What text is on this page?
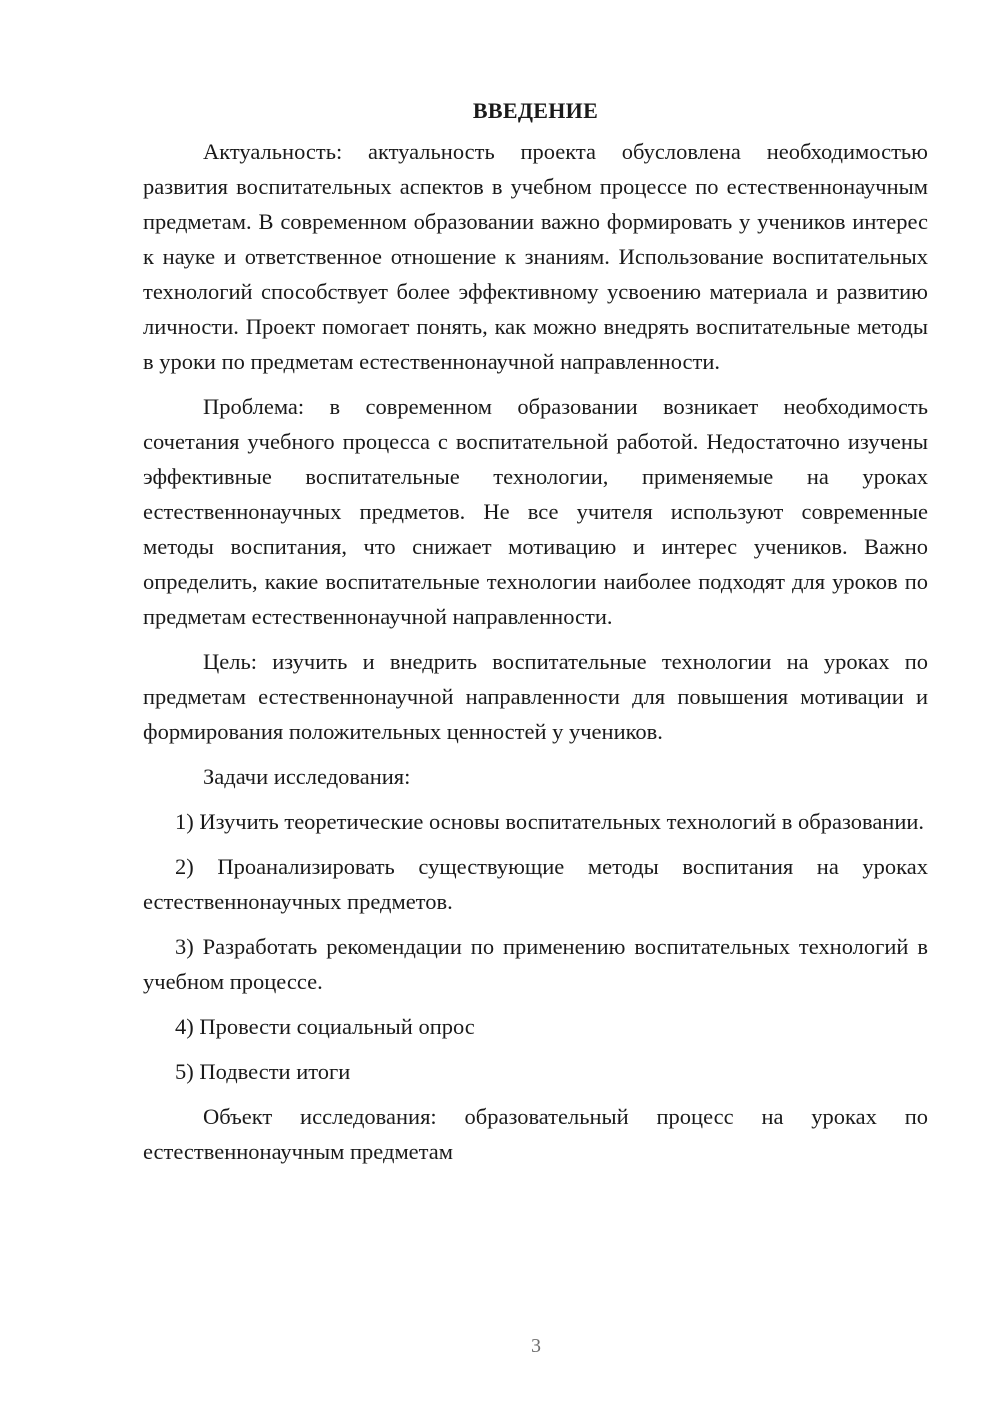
ВВЕДЕНИЕ

Актуальность: актуальность проекта обусловлена необходимостью развития воспитательных аспектов в учебном процессе по естественнонаучным предметам. В современном образовании важно формировать у учеников интерес к науке и ответственное отношение к знаниям. Использование воспитательных технологий способствует более эффективному усвоению материала и развитию личности. Проект помогает понять, как можно внедрять воспитательные методы в уроки по предметам естественнонаучной направленности.

Проблема: в современном образовании возникает необходимость сочетания учебного процесса с воспитательной работой. Недостаточно изучены эффективные воспитательные технологии, применяемые на уроках естественнонаучных предметов. Не все учителя используют современные методы воспитания, что снижает мотивацию и интерес учеников. Важно определить, какие воспитательные технологии наиболее подходят для уроков по предметам естественнонаучной направленности.

Цель: изучить и внедрить воспитательные технологии на уроках по предметам естественнонаучной направленности для повышения мотивации и формирования положительных ценностей у учеников.

Задачи исследования:

1) Изучить теоретические основы воспитательных технологий в образовании.

2) Проанализировать существующие методы воспитания на уроках естественнонаучных предметов.

3) Разработать рекомендации по применению воспитательных технологий в учебном процессе.

4) Провести социальный опрос

5) Подвести итоги

Объект исследования: образовательный процесс на уроках по естественнонаучным предметам

3
